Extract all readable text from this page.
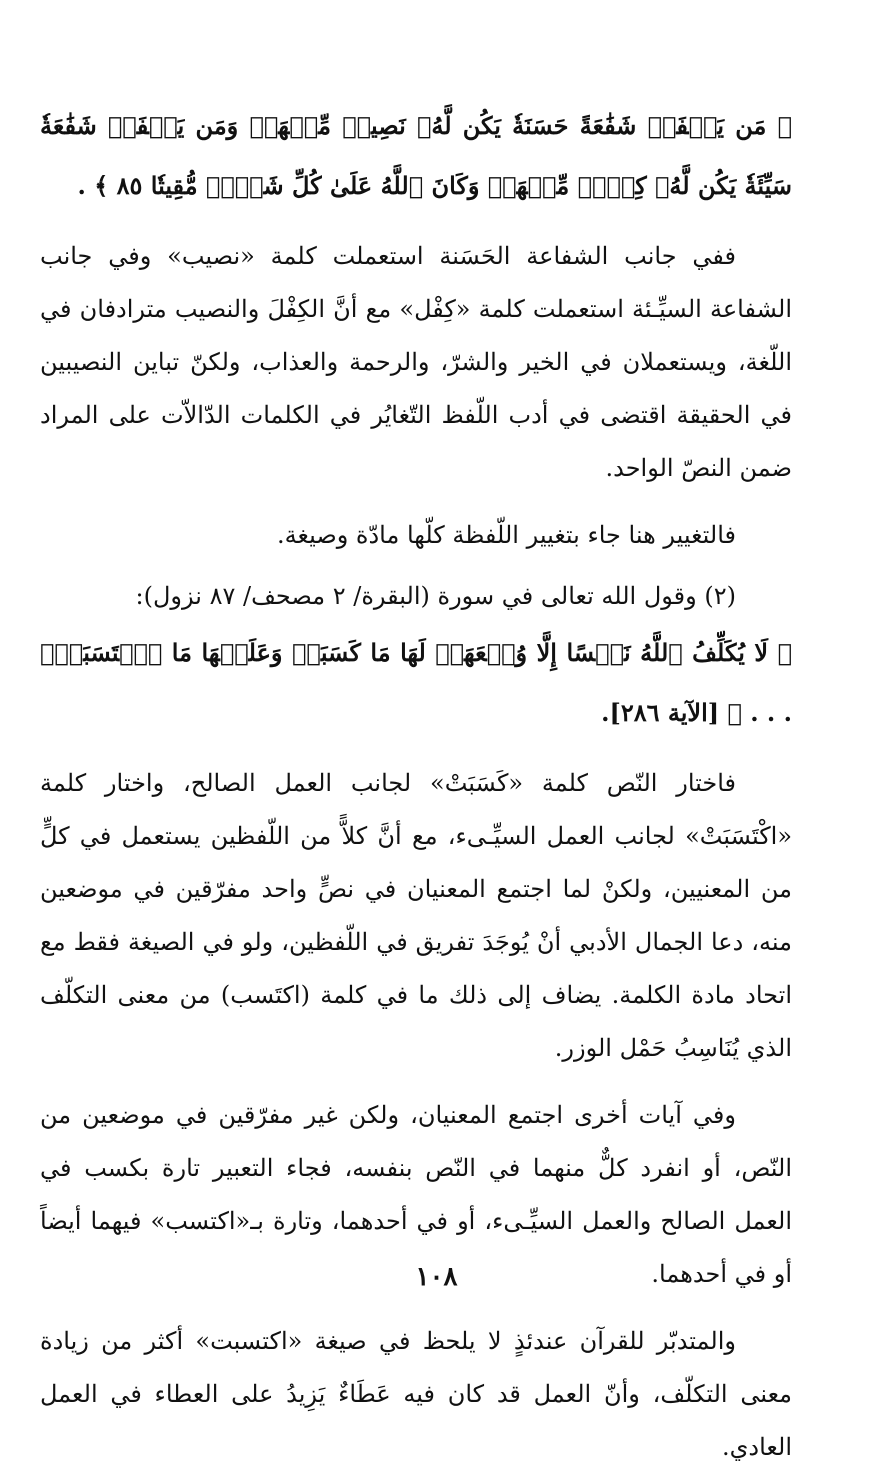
﴿ مَن يَشۡفَعۡ شَفَٰعَةً حَسَنَةٗ يَكُن لَّهُۥ نَصِيبٞ مِّنۡهَاۖ وَمَن يَشۡفَعۡ شَفَٰعَةٗ سَيِّئَةٗ يَكُن لَّهُۥ كِفۡلٞ مِّنۡهَاۗ وَكَانَ ٱللَّهُ عَلَىٰ كُلِّ شَيۡءٖ مُّقِيتٗا ٨٥ ﴾ .

ففي جانب الشفاعة الحَسَنة استعملت كلمة «نصيب» وفي جانب الشفاعة السيِّـئة استعملت كلمة «كِفْل» مع أنَّ الكِفْلَ والنصيب مترادفان في اللّغة، ويستعملان في الخير والشرّ، والرحمة والعذاب، ولكنّ تباين النصيبين في الحقيقة اقتضى في أدب اللّفظ التّغايُر في الكلمات الدّالاّت على المراد ضمن النصّ الواحد.

فالتغيير هنا جاء بتغيير اللّفظة كلّها مادّة وصيغة.

(٢) وقول الله تعالى في سورة (البقرة/ ٢ مصحف/ ٨٧ نزول):

﴿ لَا يُكَلِّفُ ٱللَّهُ نَفۡسًا إِلَّا وُسۡعَهَاۚ لَهَا مَا كَسَبَتۡ وَعَلَيۡهَا مَا ٱكۡتَسَبَتۡۗ . . . ﴾ [الآية ٢٨٦].

فاختار النّص كلمة «كَسَبَتْ» لجانب العمل الصالح، واختار كلمة «اكْتَسَبَتْ» لجانب العمل السيِّـىء، مع أنَّ كلاًّ من اللّفظين يستعمل في كلٍّ من المعنيين، ولكنْ لما اجتمع المعنيان في نصٍّ واحد مفرّقين في موضعين منه، دعا الجمال الأدبي أنْ يُوجَدَ تفريق في اللّفظين، ولو في الصيغة فقط مع اتحاد مادة الكلمة. يضاف إلى ذلك ما في كلمة (اكتَسب) من معنى التكلّف الذي يُنَاسِبُ حَمْل الوزر.

وفي آيات أخرى اجتمع المعنيان، ولكن غير مفرّقين في موضعين من النّص، أو انفرد كلٌّ منهما في النّص بنفسه، فجاء التعبير تارة بكسب في العمل الصالح والعمل السيِّـىء، أو في أحدهما، وتارة بـ«اكتسب» فيهما أيضاً أو في أحدهما.

والمتدبّر للقرآن عندئذٍ لا يلحظ في صيغة «اكتسبت» أكثر من زيادة معنى التكلّف، وأنّ العمل قد كان فيه عَطَاءٌ يَزِيدُ على العطاء في العمل العادي.

١٠٨
